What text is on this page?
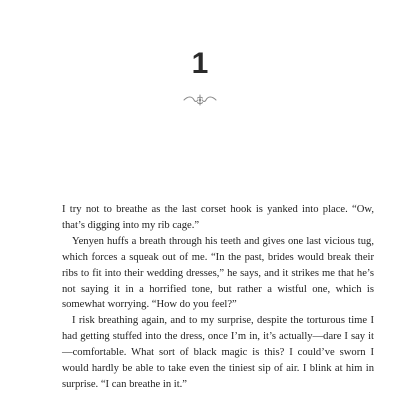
1

I try not to breathe as the last corset hook is yanked into place. “Ow, that’s digging into my rib cage.”

Yenyen huffs a breath through his teeth and gives one last vicious tug, which forces a squeak out of me. “In the past, brides would break their ribs to fit into their wedding dresses,” he says, and it strikes me that he’s not saying it in a horrified tone, but rather a wistful one, which is somewhat worrying. “How do you feel?”

I risk breathing again, and to my surprise, despite the torturous time I had getting stuffed into the dress, once I’m in, it’s actually—dare I say it—comfortable. What sort of black magic is this? I could’ve sworn I would hardly be able to take even the tiniest sip of air. I blink at him in surprise. “I can breathe in it.”
